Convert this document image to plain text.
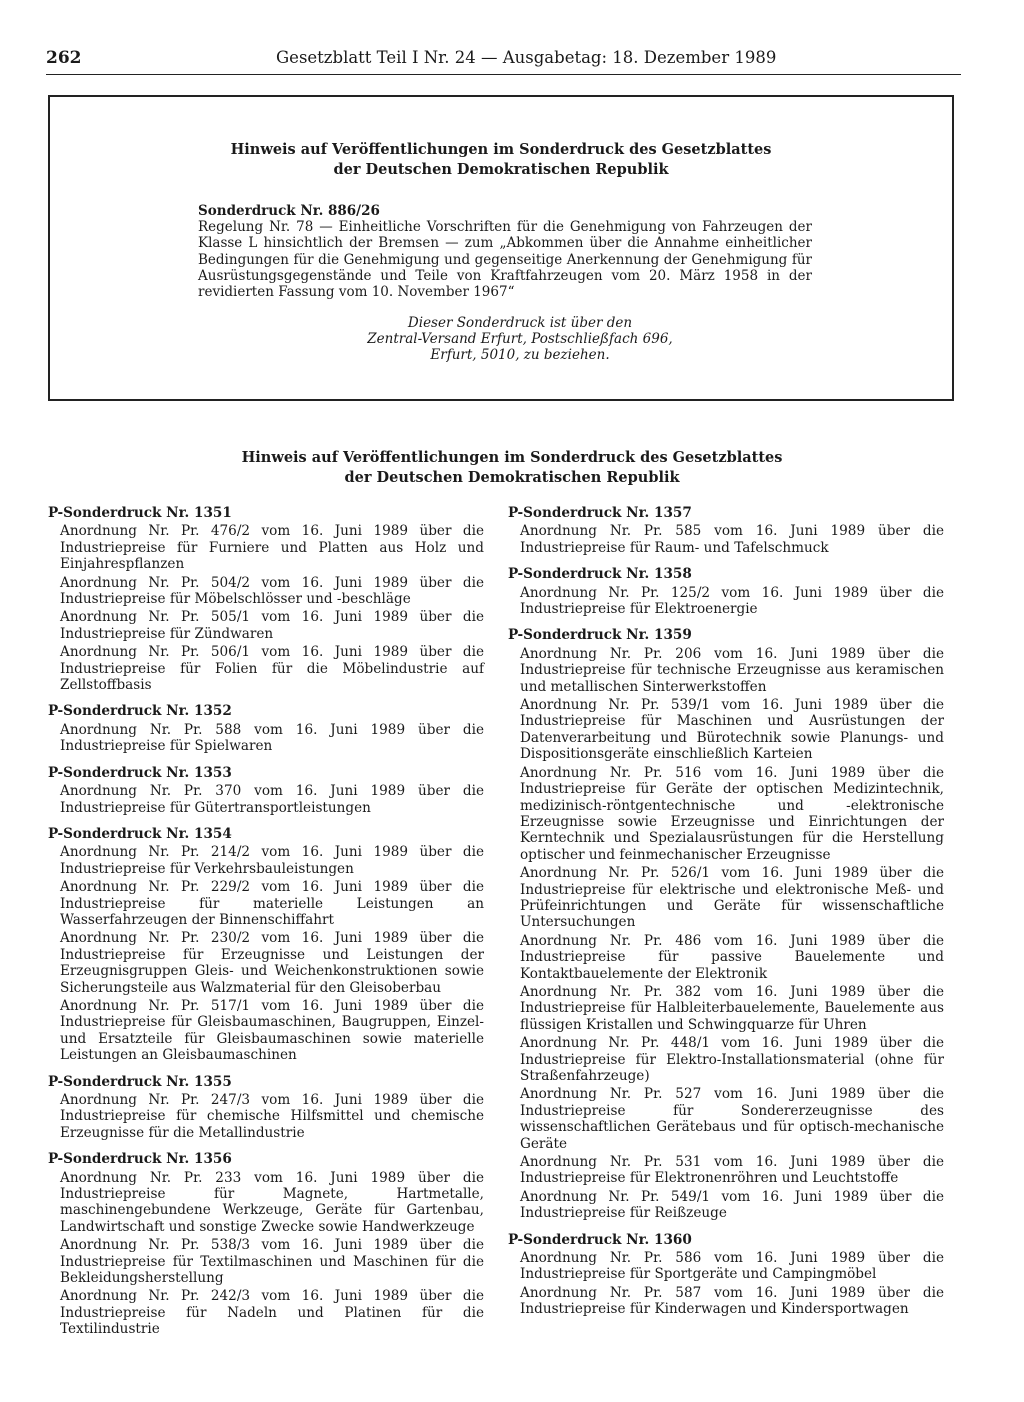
262	Gesetzblatt Teil I Nr. 24 — Ausgabetag: 18. Dezember 1989
Hinweis auf Veröffentlichungen im Sonderdruck des Gesetzblattes
der Deutschen Demokratischen Republik
Sonderdruck Nr. 886/26
Regelung Nr. 78 — Einheitliche Vorschriften für die Genehmigung von Fahrzeugen der Klasse L hinsichtlich der Bremsen — zum „Abkommen über die Annahme einheitlicher Bedingungen für die Genehmigung und gegenseitige Anerkennung der Genehmigung für Ausrüstungsgegenstände und Teile von Kraftfahrzeugen vom 20. März 1958 in der revidierten Fassung vom 10. November 1967“
Dieser Sonderdruck ist über den
Zentral-Versand Erfurt, Postschließfach 696,
Erfurt, 5010, zu beziehen.
Hinweis auf Veröffentlichungen im Sonderdruck des Gesetzblattes
der Deutschen Demokratischen Republik
P-Sonderdruck Nr. 1351
Anordnung Nr. Pr. 476/2 vom 16. Juni 1989 über die Industriepreise für Furniere und Platten aus Holz und Einjahrespflanzen
Anordnung Nr. Pr. 504/2 vom 16. Juni 1989 über die Industriepreise für Möbelschlösser und -beschläge
Anordnung Nr. Pr. 505/1 vom 16. Juni 1989 über die Industriepreise für Zündwaren
Anordnung Nr. Pr. 506/1 vom 16. Juni 1989 über die Industriepreise für Folien für die Möbelindustrie auf Zellstoffbasis
P-Sonderdruck Nr. 1352
Anordnung Nr. Pr. 588 vom 16. Juni 1989 über die Industriepreise für Spielwaren
P-Sonderdruck Nr. 1353
Anordnung Nr. Pr. 370 vom 16. Juni 1989 über die Industriepreise für Gütertransportleistungen
P-Sonderdruck Nr. 1354
Anordnung Nr. Pr. 214/2 vom 16. Juni 1989 über die Industriepreise für Verkehrsbauleistungen
Anordnung Nr. Pr. 229/2 vom 16. Juni 1989 über die Industriepreise für materielle Leistungen an Wasserfahrzeugen der Binnenschiffahrt
Anordnung Nr. Pr. 230/2 vom 16. Juni 1989 über die Industriepreise für Erzeugnisse und Leistungen der Erzeugnisgruppen Gleis- und Weichenkonstruktionen sowie Sicherungsteile aus Walzmaterial für den Gleisoberbau
Anordnung Nr. Pr. 517/1 vom 16. Juni 1989 über die Industriepreise für Gleisbaumaschinen, Baugruppen, Einzel- und Ersatzteile für Gleisbaumaschinen sowie materielle Leistungen an Gleisbaumaschinen
P-Sonderdruck Nr. 1355
Anordnung Nr. Pr. 247/3 vom 16. Juni 1989 über die Industriepreise für chemische Hilfsmittel und chemische Erzeugnisse für die Metallindustrie
P-Sonderdruck Nr. 1356
Anordnung Nr. Pr. 233 vom 16. Juni 1989 über die Industriepreise für Magnete, Hartmetalle, maschinengebundene Werkzeuge, Geräte für Gartenbau, Landwirtschaft und sonstige Zwecke sowie Handwerkzeuge
Anordnung Nr. Pr. 538/3 vom 16. Juni 1989 über die Industriepreise für Textilmaschinen und Maschinen für die Bekleidungsherstellung
Anordnung Nr. Pr. 242/3 vom 16. Juni 1989 über die Industriepreise für Nadeln und Platinen für die Textilindustrie
P-Sonderdruck Nr. 1357
Anordnung Nr. Pr. 585 vom 16. Juni 1989 über die Industriepreise für Raum- und Tafelschmuck
P-Sonderdruck Nr. 1358
Anordnung Nr. Pr. 125/2 vom 16. Juni 1989 über die Industriepreise für Elektroenergie
P-Sonderdruck Nr. 1359
Anordnung Nr. Pr. 206 vom 16. Juni 1989 über die Industriepreise für technische Erzeugnisse aus keramischen und metallischen Sinterwerkstoffen
Anordnung Nr. Pr. 539/1 vom 16. Juni 1989 über die Industriepreise für Maschinen und Ausrüstungen der Datenverarbeitung und Bürotechnik sowie Planungs- und Dispositionsgeräte einschließlich Karteien
Anordnung Nr. Pr. 516 vom 16. Juni 1989 über die Industriepreise für Geräte der optischen Medizintechnik, medizinisch-röntgentechnische und -elektronische Erzeugnisse sowie Erzeugnisse und Einrichtungen der Kerntechnik und Spezialausrüstungen für die Herstellung optischer und feinmechanischer Erzeugnisse
Anordnung Nr. Pr. 526/1 vom 16. Juni 1989 über die Industriepreise für elektrische und elektronische Meß- und Prüfeinrichtungen und Geräte für wissenschaftliche Untersuchungen
Anordnung Nr. Pr. 486 vom 16. Juni 1989 über die Industriepreise für passive Bauelemente und Kontaktbauelemente der Elektronik
Anordnung Nr. Pr. 382 vom 16. Juni 1989 über die Industriepreise für Halbleiterbauelemente, Bauelemente aus flüssigen Kristallen und Schwingquarze für Uhren
Anordnung Nr. Pr. 448/1 vom 16. Juni 1989 über die Industriepreise für Elektro-Installationsmaterial (ohne für Straßenfahrzeuge)
Anordnung Nr. Pr. 527 vom 16. Juni 1989 über die Industriepreise für Sondererzeugnisse des wissenschaftlichen Gerätebaus und für optisch-mechanische Geräte
Anordnung Nr. Pr. 531 vom 16. Juni 1989 über die Industriepreise für Elektronenröhren und Leuchtstoffe
Anordnung Nr. Pr. 549/1 vom 16. Juni 1989 über die Industriepreise für Reißzeuge
P-Sonderdruck Nr. 1360
Anordnung Nr. Pr. 586 vom 16. Juni 1989 über die Industriepreise für Sportgeräte und Campingmöbel
Anordnung Nr. Pr. 587 vom 16. Juni 1989 über die Industriepreise für Kinderwagen und Kindersportwagen
